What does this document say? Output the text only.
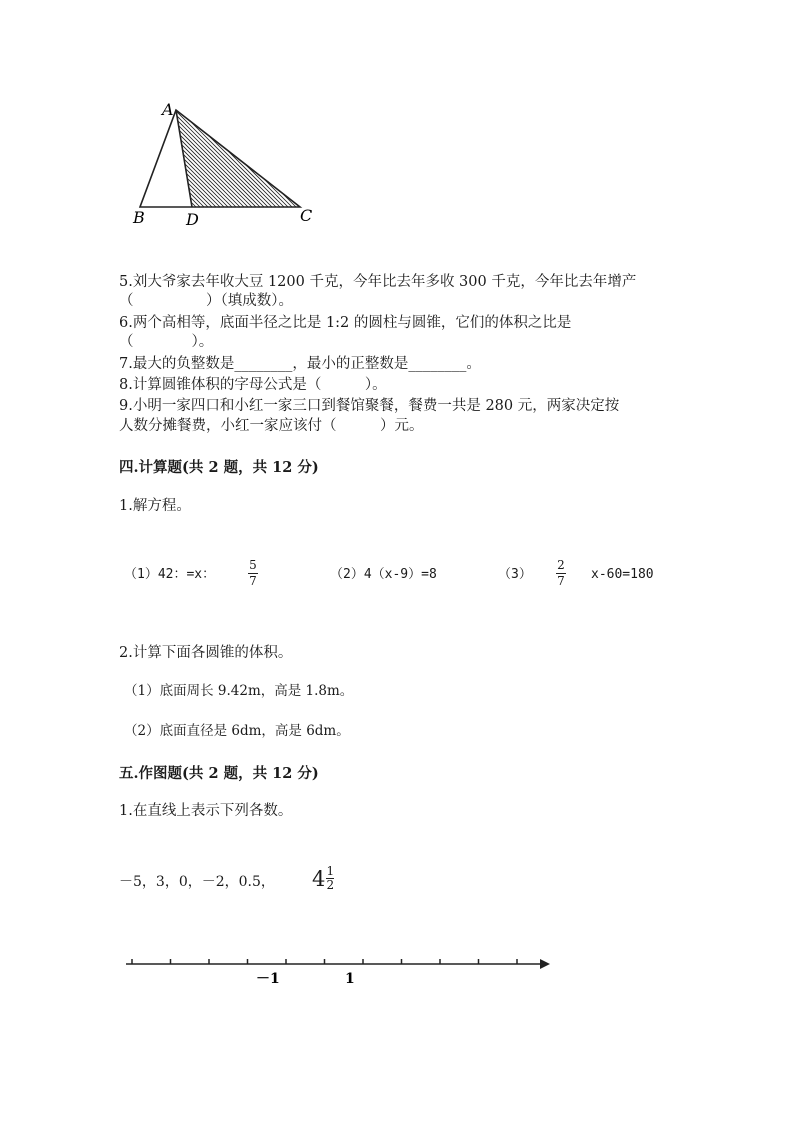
A
B	D	C
5.刘大爷家去年收大豆 1200 千克，今年比去年多收 300 千克，今年比去年增产
（　　　　　）（填成数）。
6.两个高相等，底面半径之比是 1:2 的圆柱与圆锥，它们的体积之比是
（　　　　）。
7.最大的负整数是________，最小的正整数是________。
8.计算圆锥体积的字母公式是（　　　）。
9.小明一家四口和小红一家三口到餐馆聚餐，餐费一共是 280 元，两家决定按
人数分摊餐费，小红一家应该付（　　　）元。
四.计算题(共 2 题，共 12 分)
1.解方程。
（1）42：=x：
5
7	（2）4（x-9）=8	（3）
2
7 x-60=180
2.计算下面各圆锥的体积。
（1）底面周长 9.42m，高是 1.8m。
（2）底面直径是 6dm，高是 6dm。
五.作图题(共 2 题，共 12 分)
1.在直线上表示下列各数。
－5，3，0，－2，0.5， 4 1
2
－1	1
